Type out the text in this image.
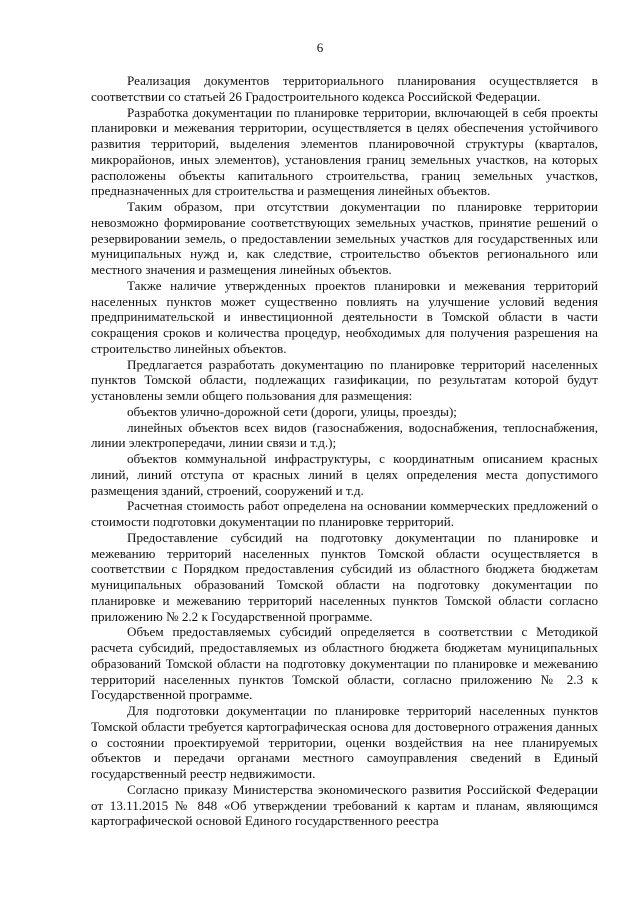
6

Реализация документов территориального планирования осуществляется в соответствии со статьей 26 Градостроительного кодекса Российской Федерации.

Разработка документации по планировке территории, включающей в себя проекты планировки и межевания территории, осуществляется в целях обеспечения устойчивого развития территорий, выделения элементов планировочной структуры (кварталов, микрорайонов, иных элементов), установления границ земельных участков, на которых расположены объекты капитального строительства, границ земельных участков, предназначенных для строительства и размещения линейных объектов.

Таким образом, при отсутствии документации по планировке территории невозможно формирование соответствующих земельных участков, принятие решений о резервировании земель, о предоставлении земельных участков для государственных или муниципальных нужд и, как следствие, строительство объектов регионального или местного значения и размещения линейных объектов.

Также наличие утвержденных проектов планировки и межевания территорий населенных пунктов может существенно повлиять на улучшение условий ведения предпринимательской и инвестиционной деятельности в Томской области в части сокращения сроков и количества процедур, необходимых для получения разрешения на строительство линейных объектов.

Предлагается разработать документацию по планировке территорий населенных пунктов Томской области, подлежащих газификации, по результатам которой будут установлены земли общего пользования для размещения:

объектов улично-дорожной сети (дороги, улицы, проезды);

линейных объектов всех видов (газоснабжения, водоснабжения, теплоснабжения, линии электропередачи, линии связи и т.д.);

объектов коммунальной инфраструктуры, с координатным описанием красных линий, линий отступа от красных линий в целях определения места допустимого размещения зданий, строений, сооружений и т.д.

Расчетная стоимость работ определена на основании коммерческих предложений о стоимости подготовки документации по планировке территорий.

Предоставление субсидий на подготовку документации по планировке и межеванию территорий населенных пунктов Томской области осуществляется в соответствии с Порядком предоставления субсидий из областного бюджета бюджетам муниципальных образований Томской области на подготовку документации по планировке и межеванию территорий населенных пунктов Томской области согласно приложению № 2.2 к Государственной программе.

Объем предоставляемых субсидий определяется в соответствии с Методикой расчета субсидий, предоставляемых из областного бюджета бюджетам муниципальных образований Томской области на подготовку документации по планировке и межеванию территорий населенных пунктов Томской области, согласно приложению № 2.3 к Государственной программе.

Для подготовки документации по планировке территорий населенных пунктов Томской области требуется картографическая основа для достоверного отражения данных о состоянии проектируемой территории, оценки воздействия на нее планируемых объектов и передачи органами местного самоуправления сведений в Единый государственный реестр недвижимости.

Согласно приказу Министерства экономического развития Российской Федерации от 13.11.2015 № 848 «Об утверждении требований к картам и планам, являющимся картографической основой Единого государственного реестра
